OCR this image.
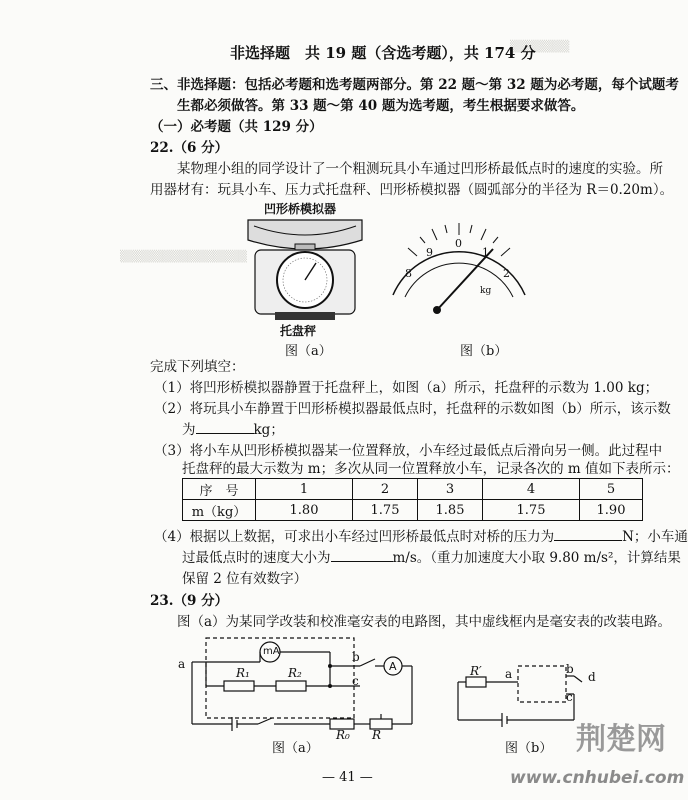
▒▒▒▒▒▒▒
▒▒▒▒▒▒▒▒▒▒▒▒▒▒▒
非选择题　共 19 题（含选考题），共 174 分
三、非选择题：包括必考题和选考题两部分。第 22 题～第 32 题为必考题，每个试题考
生都必须做答。第 33 题～第 40 题为选考题，考生根据要求做答。
（一）必考题（共 129 分）
22.（6 分）
某物理小组的同学设计了一个粗测玩具小车通过凹形桥最低点时的速度的实验。所
用器材有：玩具小车、压力式托盘秤、凹形桥模拟器（圆弧部分的半径为 R＝0.20m）。
凹形桥模拟器
托盘秤
图（a）
0
1
2
9
8
kg
图（b）
完成下列填空：
（1）将凹形桥模拟器静置于托盘秤上，如图（a）所示，托盘秤的示数为 1.00 kg；
（2）将玩具小车静置于凹形桥模拟器最低点时，托盘秤的示数如图（b）所示，该示数
为	kg；
（3）将小车从凹形桥模拟器某一位置释放，小车经过最低点后滑向另一侧。此过程中
托盘秤的最大示数为 m；多次从同一位置释放小车，记录各次的 m 值如下表所示：
序　号	1	2	3	4	5
m（kg）	1.80	1.75	1.85	1.75	1.90
（4）根据以上数据，可求出小车经过凹形桥最低点时对桥的压力为	N；小车通
过最低点时的速度大小为	m/s。（重力加速度大小取 9.80 m/s²，计算结果
保留 2 位有效数字）
23.（9 分）
图（a）为某同学改装和校准毫安表的电路图，其中虚线框内是毫安表的改装电路。
mA
A
R₁	R₂
a	b
c
R₀ R
图（a）
R′ a	b
c
d
图（b）
— 41 —
荆楚网
www.cnhubei.com
